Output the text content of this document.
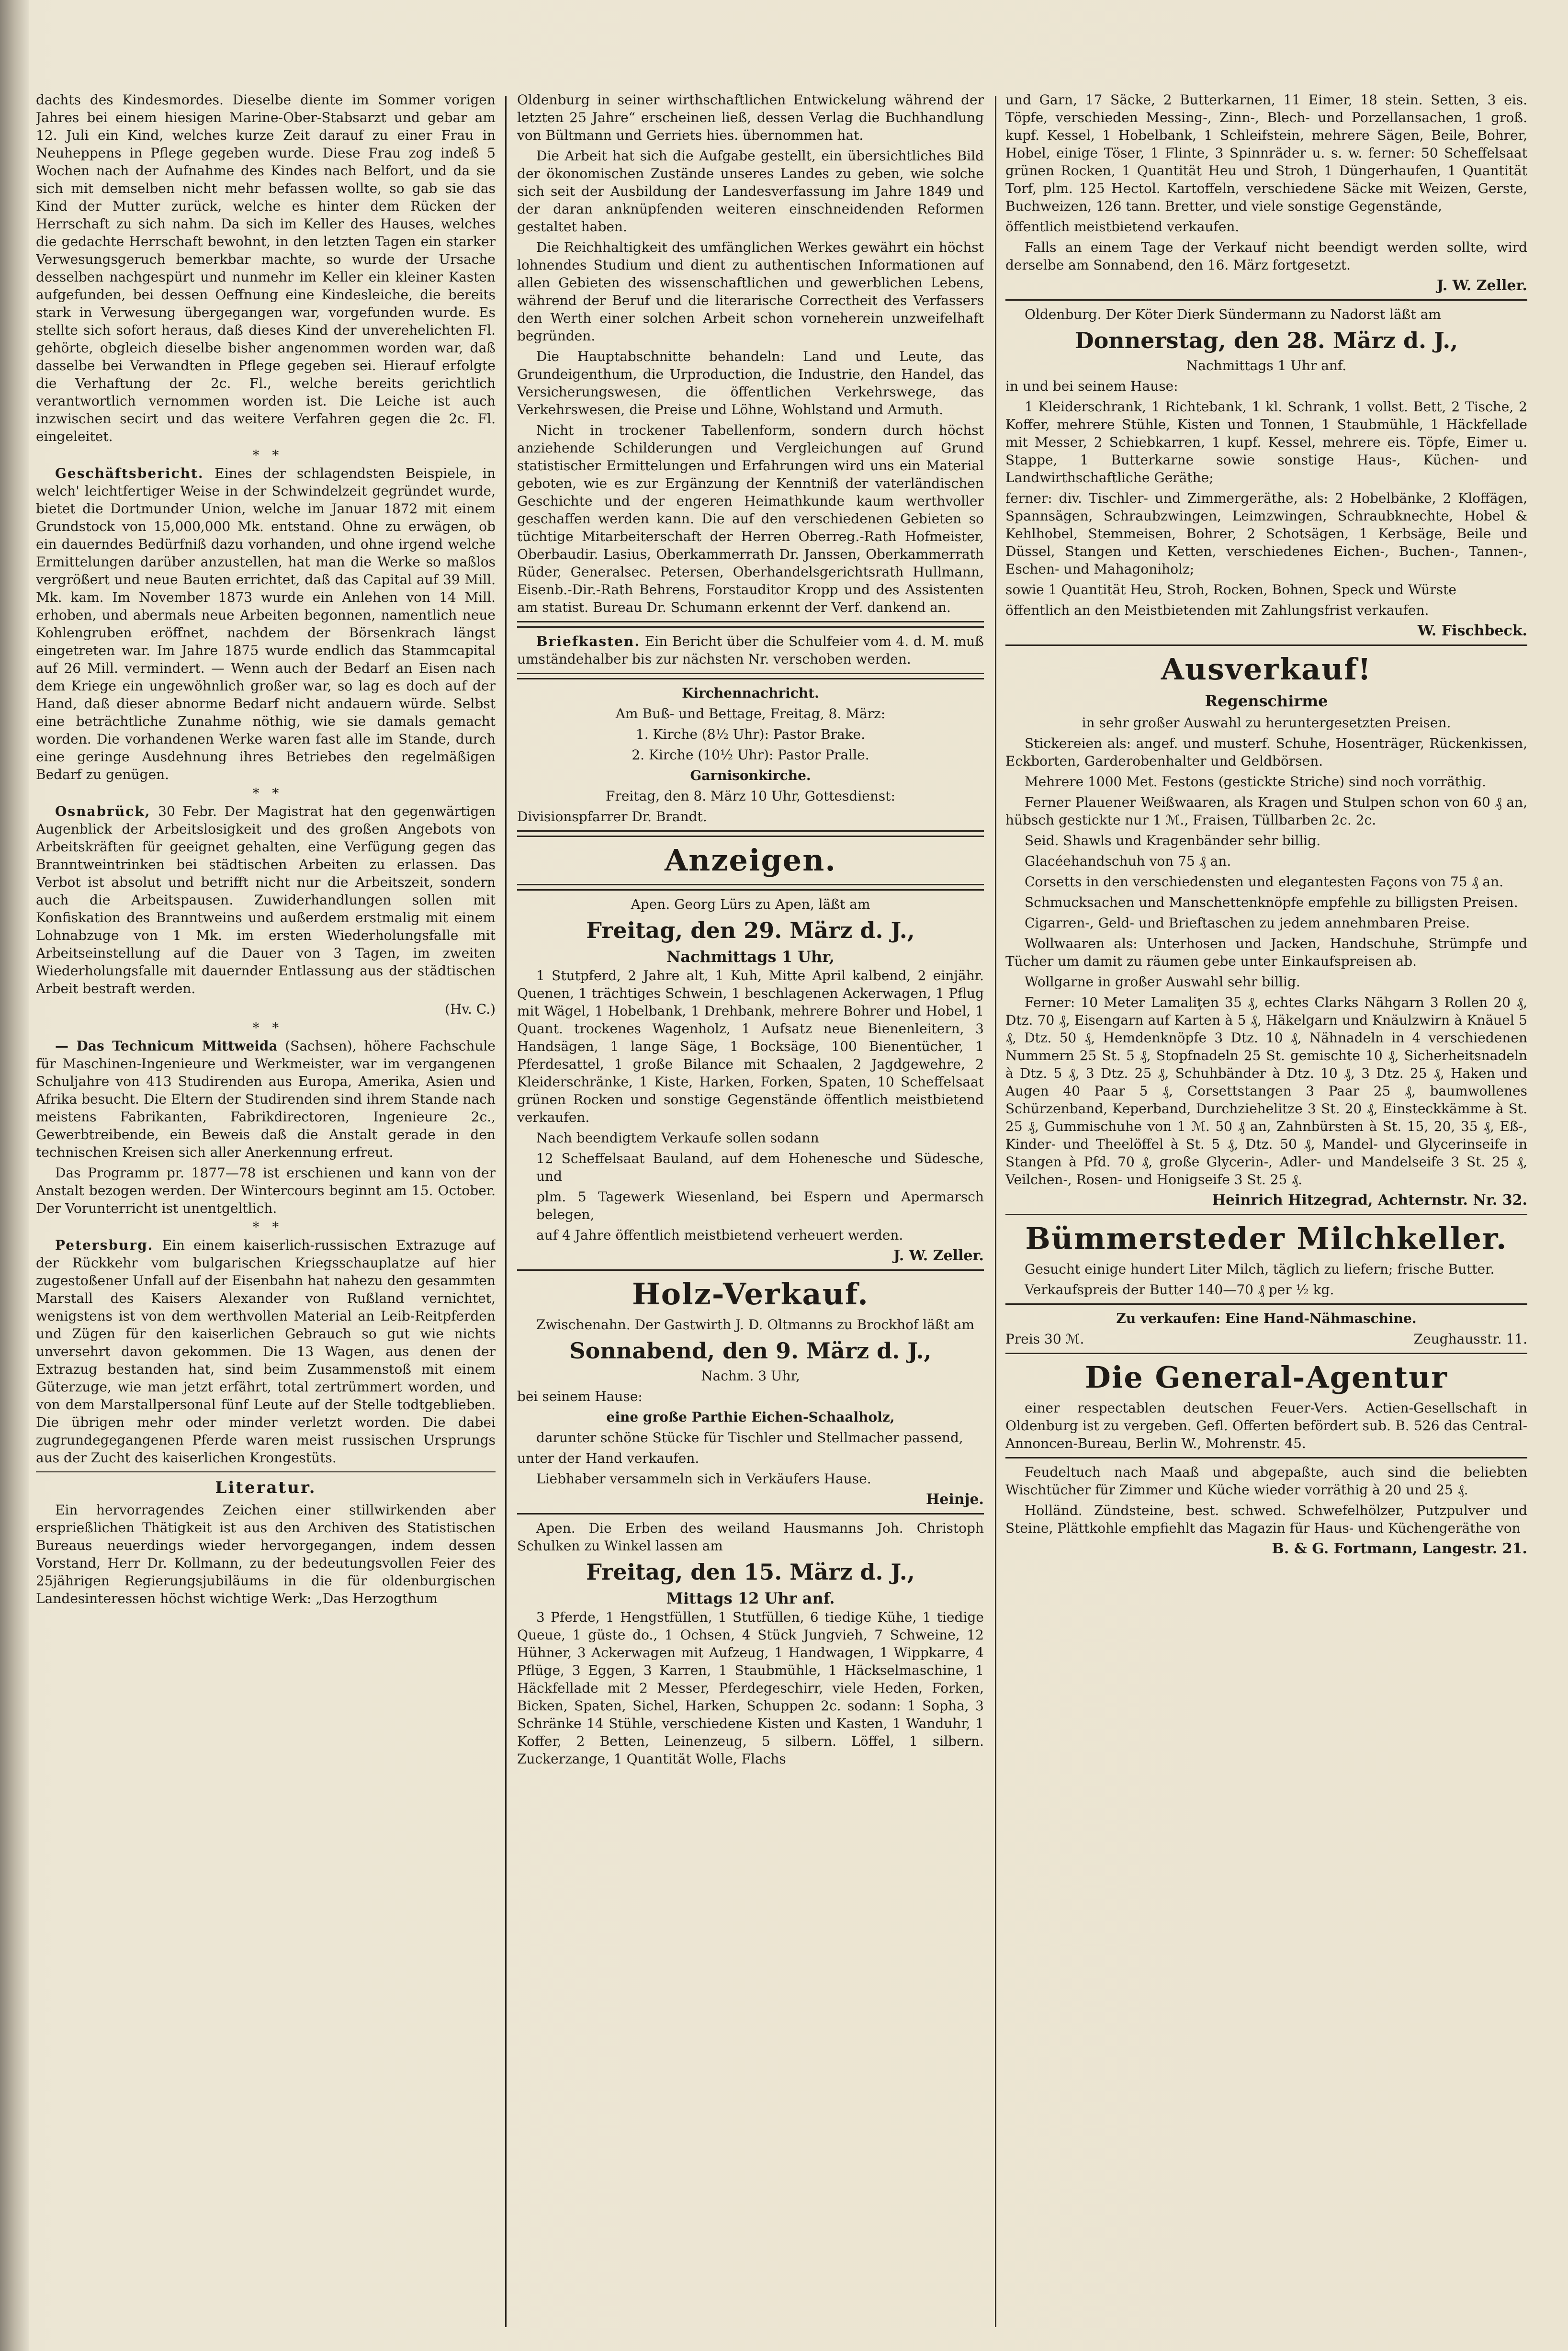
dachts des Kindesmordes. Dieselbe diente im Sommer vorigen Jahres bei einem hiesigen Marine-Ober-Stabsarzt und gebar am 12. Juli ein Kind, welches kurze Zeit darauf zu einer Frau in Neuheppens in Pflege gegeben wurde. Diese Frau zog indeß 5 Wochen nach der Aufnahme des Kindes nach Belfort, und da sie sich mit demselben nicht mehr befassen wollte, so gab sie das Kind der Mutter zurück, welche es hinter dem Rücken der Herrschaft zu sich nahm. Da sich im Keller des Hauses, welches die gedachte Herrschaft bewohnt, in den letzten Tagen ein starker Verwesungsgeruch bemerkbar machte, so wurde der Ursache desselben nachgespürt und nunmehr im Keller ein kleiner Kasten aufgefunden, bei dessen Oeffnung eine Kindesleiche, die bereits stark in Verwesung übergegangen war, vorgefunden wurde. Es stellte sich sofort heraus, daß dieses Kind der unverehelichten Fl. gehörte, obgleich dieselbe bisher angenommen worden war, daß dasselbe bei Verwandten in Pflege gegeben sei. Hierauf erfolgte die Verhaftung der 2c. Fl., welche bereits gerichtlich verantwortlich vernommen worden ist. Die Leiche ist auch inzwischen secirt und das weitere Verfahren gegen die 2c. Fl. eingeleitet.

*   *

Geschäftsbericht. Eines der schlagendsten Beispiele, in welch' leichtfertiger Weise in der Schwindelzeit gegründet wurde, bietet die Dortmunder Union, welche im Januar 1872 mit einem Grundstock von 15,000,000 Mk. entstand. Ohne zu erwägen, ob ein dauerndes Bedürfniß dazu vorhanden, und ohne irgend welche Ermittelungen darüber anzustellen, hat man die Werke so maßlos vergrößert und neue Bauten errichtet, daß das Capital auf 39 Mill. Mk. kam. Im November 1873 wurde ein Anlehen von 14 Mill. erhoben, und abermals neue Arbeiten begonnen, namentlich neue Kohlengruben eröffnet, nachdem der Börsenkrach längst eingetreten war. Im Jahre 1875 wurde endlich das Stammcapital auf 26 Mill. vermindert. — Wenn auch der Bedarf an Eisen nach dem Kriege ein ungewöhnlich großer war, so lag es doch auf der Hand, daß dieser abnorme Bedarf nicht andauern würde. Selbst eine beträchtliche Zunahme nöthig, wie sie damals gemacht worden. Die vorhandenen Werke waren fast alle im Stande, durch eine geringe Ausdehnung ihres Betriebes den regelmäßigen Bedarf zu genügen.

*   *

Osnabrück, 30 Febr. Der Magistrat hat den gegenwärtigen Augenblick der Arbeitslosigkeit und des großen Angebots von Arbeitskräften für geeignet gehalten, eine Verfügung gegen das Branntweintrinken bei städtischen Arbeiten zu erlassen. Das Verbot ist absolut und betrifft nicht nur die Arbeitszeit, sondern auch die Arbeitspausen. Zuwiderhandlungen sollen mit Konfiskation des Branntweins und außerdem erstmalig mit einem Lohnabzuge von 1 Mk. im ersten Wiederholungsfalle mit Arbeitseinstellung auf die Dauer von 3 Tagen, im zweiten Wiederholungsfalle mit dauernder Entlassung aus der städtischen Arbeit bestraft werden.

(Hv. C.)

*   *

— Das Technicum Mittweida (Sachsen), höhere Fachschule für Maschinen-Ingenieure und Werkmeister, war im vergangenen Schuljahre von 413 Studirenden aus Europa, Amerika, Asien und Afrika besucht. Die Eltern der Studirenden sind ihrem Stande nach meistens Fabrikanten, Fabrikdirectoren, Ingenieure 2c., Gewerbtreibende, ein Beweis daß die Anstalt gerade in den technischen Kreisen sich aller Anerkennung erfreut.

Das Programm pr. 1877—78 ist erschienen und kann von der Anstalt bezogen werden. Der Wintercours beginnt am 15. October. Der Vorunterricht ist unentgeltlich.

*   *

Petersburg. Ein einem kaiserlich-russischen Extrazuge auf der Rückkehr vom bulgarischen Kriegsschauplatze auf hier zugestoßener Unfall auf der Eisenbahn hat nahezu den gesammten Marstall des Kaisers Alexander von Rußland vernichtet, wenigstens ist von dem werthvollen Material an Leib-Reitpferden und Zügen für den kaiserlichen Gebrauch so gut wie nichts unversehrt davon gekommen. Die 13 Wagen, aus denen der Extrazug bestanden hat, sind beim Zusammenstoß mit einem Güterzuge, wie man jetzt erfährt, total zertrümmert worden, und von dem Marstallpersonal fünf Leute auf der Stelle todtgeblieben. Die übrigen mehr oder minder verletzt worden. Die dabei zugrundegegangenen Pferde waren meist russischen Ursprungs aus der Zucht des kaiserlichen Krongestüts.

Literatur.

Ein hervorragendes Zeichen einer stillwirkenden aber ersprießlichen Thätigkeit ist aus den Archiven des Statistischen Bureaus neuerdings wieder hervorgegangen, indem dessen Vorstand, Herr Dr. Kollmann, zu der bedeutungsvollen Feier des 25jährigen Regierungsjubiläums in die für oldenburgischen Landesinteressen höchst wichtige Werk: „Das Herzogthum

Oldenburg in seiner wirthschaftlichen Entwickelung während der letzten 25 Jahre“ erscheinen ließ, dessen Verlag die Buchhandlung von Bültmann und Gerriets hies. übernommen hat.

Die Arbeit hat sich die Aufgabe gestellt, ein übersichtliches Bild der ökonomischen Zustände unseres Landes zu geben, wie solche sich seit der Ausbildung der Landesverfassung im Jahre 1849 und der daran anknüpfenden weiteren einschneidenden Reformen gestaltet haben.

Die Reichhaltigkeit des umfänglichen Werkes gewährt ein höchst lohnendes Studium und dient zu authentischen Informationen auf allen Gebieten des wissenschaftlichen und gewerblichen Lebens, während der Beruf und die literarische Correctheit des Verfassers den Werth einer solchen Arbeit schon vorneherein unzweifelhaft begründen.

Die Hauptabschnitte behandeln: Land und Leute, das Grundeigenthum, die Urproduction, die Industrie, den Handel, das Versicherungswesen, die öffentlichen Verkehrswege, das Verkehrswesen, die Preise und Löhne, Wohlstand und Armuth.

Nicht in trockener Tabellenform, sondern durch höchst anziehende Schilderungen und Vergleichungen auf Grund statistischer Ermittelungen und Erfahrungen wird uns ein Material geboten, wie es zur Ergänzung der Kenntniß der vaterländischen Geschichte und der engeren Heimathkunde kaum werthvoller geschaffen werden kann. Die auf den verschiedenen Gebieten so tüchtige Mitarbeiterschaft der Herren Oberreg.-Rath Hofmeister, Oberbaudir. Lasius, Oberkammerrath Dr. Janssen, Oberkammerrath Rüder, Generalsec. Petersen, Oberhandelsgerichtsrath Hullmann, Eisenb.-Dir.-Rath Behrens, Forstauditor Kropp und des Assistenten am statist. Bureau Dr. Schumann erkennt der Verf. dankend an.

Briefkasten. Ein Bericht über die Schulfeier vom 4. d. M. muß umständehalber bis zur nächsten Nr. verschoben werden.

Kirchennachricht.

Am Buß- und Bettage, Freitag, 8. März:

1. Kirche (8½ Uhr): Pastor Brake.

2. Kirche (10½ Uhr): Pastor Pralle.

Garnisonkirche.

Freitag, den 8. März 10 Uhr, Gottesdienst:

Divisionspfarrer Dr. Brandt.

Anzeigen.

Apen. Georg Lürs zu Apen, läßt am

Freitag, den 29. März d. J.,
Nachmittags 1 Uhr,

1 Stutpferd, 2 Jahre alt, 1 Kuh, Mitte April kalbend, 2 einjähr. Quenen, 1 trächtiges Schwein, 1 beschlagenen Ackerwagen, 1 Pflug mit Wägel, 1 Hobelbank, 1 Drehbank, mehrere Bohrer und Hobel, 1 Quant. trockenes Wagenholz, 1 Aufsatz neue Bienenleitern, 3 Handsägen, 1 lange Säge, 1 Bocksäge, 100 Bienentücher, 1 Pferdesattel, 1 große Bilance mit Schaalen, 2 Jagdgewehre, 2 Kleiderschränke, 1 Kiste, Harken, Forken, Spaten, 10 Scheffelsaat grünen Rocken und sonstige Gegenstände öffentlich meistbietend verkaufen.

Nach beendigtem Verkaufe sollen sodann

12 Scheffelsaat Bauland, auf dem Hoheneschе und Südesche, und

plm. 5 Tagewerk Wiesenland, bei Espern und Apermarsch belegen,

auf 4 Jahre öffentlich meistbietend verheuert werden.

J. W. Zeller.

Holz-Verkauf.

Zwischenahn. Der Gastwirth J. D. Oltmanns zu Brockhof läßt am

Sonnabend, den 9. März d. J.,

Nachm. 3 Uhr,

bei seinem Hause:

eine große Parthie Eichen-Schaalholz,

darunter schöne Stücke für Tischler und Stellmacher passend,

unter der Hand verkaufen.

Liebhaber versammeln sich in Verkäufers Hause.

Heinje.

Apen. Die Erben des weiland Hausmanns Joh. Christoph Schulken zu Winkel lassen am

Freitag, den 15. März d. J.,
Mittags 12 Uhr anf.

3 Pferde, 1 Hengstfüllen, 1 Stutfüllen, 6 tiedige Kühe, 1 tiedige Queue, 1 güste do., 1 Ochsen, 4 Stück Jungvieh, 7 Schweine, 12 Hühner, 3 Ackerwagen mit Aufzeug, 1 Handwagen, 1 Wippkarre, 4 Pflüge, 3 Eggen, 3 Karren, 1 Staubmühle, 1 Häckselmaschine, 1 Häckfellade mit 2 Messer, Pferdegeschirr, viele Heden, Forken, Bicken, Spaten, Sichel, Harken, Schuppen 2c. sodann: 1 Sopha, 3 Schränke 14 Stühle, verschiedene Kisten und Kasten, 1 Wanduhr, 1 Koffer, 2 Betten, Leinenzeug, 5 silbern. Löffel, 1 silbern. Zuckerzange, 1 Quantität Wolle, Flachs

und Garn, 17 Säcke, 2 Butterkarnen, 11 Eimer, 18 stein. Setten, 3 eis. Töpfe, verschieden Messing-, Zinn-, Blech- und Porzellansachen, 1 groß. kupf. Kessel, 1 Hobelbank, 1 Schleifstein, mehrere Sägen, Beile, Bohrer, Hobel, einige Töser, 1 Flinte, 3 Spinnräder u. s. w. ferner: 50 Scheffelsaat grünen Rocken, 1 Quantität Heu und Stroh, 1 Düngerhaufen, 1 Quantität Torf, plm. 125 Hectol. Kartoffeln, verschiedene Säcke mit Weizen, Gerste, Buchweizen, 126 tann. Bretter, und viele sonstige Gegenstände,

öffentlich meistbietend verkaufen.

Falls an einem Tage der Verkauf nicht beendigt werden sollte, wird derselbe am Sonnabend, den 16. März fortgesetzt.

J. W. Zeller.

Oldenburg. Der Köter Dierk Sündermann zu Nadorst läßt am

Donnerstag, den 28. März d. J.,

Nachmittags 1 Uhr anf.

in und bei seinem Hause:

1 Kleiderschrank, 1 Richtebank, 1 kl. Schrank, 1 vollst. Bett, 2 Tische, 2 Koffer, mehrere Stühle, Kisten und Tonnen, 1 Staubmühle, 1 Häckfellade mit Messer, 2 Schiebkarren, 1 kupf. Kessel, mehrere eis. Töpfe, Eimer u. Stappe, 1 Butterkarne sowie sonstige Haus-, Küchen- und Landwirthschaftliche Geräthe;

ferner: div. Tischler- und Zimmergeräthe, als: 2 Hobelbänke, 2 Kloffägen, Spannsägen, Schraubzwingen, Leimzwingen, Schraubknechte, Hobel & Kehlhobel, Stemmeisen, Bohrer, 2 Schotsägen, 1 Kerbsäge, Beile und Düssel, Stangen und Ketten, verschiedenes Eichen-, Buchen-, Tannen-, Eschen- und Mahagoniholz;

sowie 1 Quantität Heu, Stroh, Rocken, Bohnen, Speck und Würste

öffentlich an den Meistbietenden mit Zahlungsfrist verkaufen.

W. Fischbeck.

Ausverkauf!

Regenschirme

in sehr großer Auswahl zu heruntergesetzten Preisen.

Stickereien als: angef. und musterf. Schuhe, Hosenträger, Rückenkissen, Eckborten, Garderobenhalter und Geldbörsen.

Mehrere 1000 Met. Festons (gestickte Striche) sind noch vorräthig.

Ferner Plauener Weißwaaren, als Kragen und Stulpen schon von 60 ₰ an, hübsch gestickte nur 1 ℳ., Fraisen, Tüllbarben 2c. 2c.

Seid. Shawls und Kragenbänder sehr billig.

Glacéehandschuh von 75 ₰ an.

Corsetts in den verschiedensten und elegantesten Façons von 75 ₰ an.

Schmucksachen und Manschettenknöpfe empfehle zu billigsten Preisen.

Cigarren-, Geld- und Brieftaschen zu jedem annehmbaren Preise.

Wollwaaren als: Unterhosen und Jacken, Handschuhe, Strümpfe und Tücher um damit zu räumen gebe unter Einkaufspreisen ab.

Wollgarne in großer Auswahl sehr billig.

Ferner: 10 Meter Lamaliţen 35 ₰, echtes Clarks Nähgarn 3 Rollen 20 ₰, Dtz. 70 ₰, Eisengarn auf Karten à 5 ₰, Häkelgarn und Knäulzwirn à Knäuel 5 ₰, Dtz. 50 ₰, Hemdenknöpfe 3 Dtz. 10 ₰, Nähnadeln in 4 verschiedenen Nummern 25 St. 5 ₰, Stopfnadeln 25 St. gemischte 10 ₰, Sicherheitsnadeln à Dtz. 5 ₰, 3 Dtz. 25 ₰, Schuhbänder à Dtz. 10 ₰, 3 Dtz. 25 ₰, Haken und Augen 40 Paar 5 ₰, Corsettstangen 3 Paar 25 ₰, baumwollenes Schürzenband, Keperband, Durchziehelitze 3 St. 20 ₰, Einsteckkämme à St. 25 ₰, Gummischuhe von 1 ℳ. 50 ₰ an, Zahnbürsten à St. 15, 20, 35 ₰, Eß-, Kinder- und Theelöffel à St. 5 ₰, Dtz. 50 ₰, Mandel- und Glycerinseife in Stangen à Pfd. 70 ₰, große Glycerin-, Adler- und Mandelseife 3 St. 25 ₰, Veilchen-, Rosen- und Honigseife 3 St. 25 ₰.

Heinrich Hitzegrad, Achternstr. Nr. 32.

Bümmersteder Milchkeller.

Gesucht einige hundert Liter Milch, täglich zu liefern; frische Butter.

Verkaufspreis der Butter 140—70 ₰ per ½ kg.

Zu verkaufen: Eine Hand-Nähmaschine.

Preis 30 ℳ.	Zeughausstr. 11.
Die General-Agentur

einer respectablen deutschen Feuer-Vers. Actien-Gesellschaft in Oldenburg ist zu vergeben. Gefl. Offerten befördert sub. B. 526 das Central-Annoncen-Bureau, Berlin W., Mohrenstr. 45.

Feudeltuch nach Maaß und abgepaßte, auch sind die beliebten Wischtücher für Zimmer und Küche wieder vorräthig à 20 und 25 ₰.

Holländ. Zündsteine, best. schwed. Schwefelhölzer, Putzpulver und Steine, Plättkohle empfiehlt das Magazin für Haus- und Küchengeräthe von

B. & G. Fortmann, Langestr. 21.
